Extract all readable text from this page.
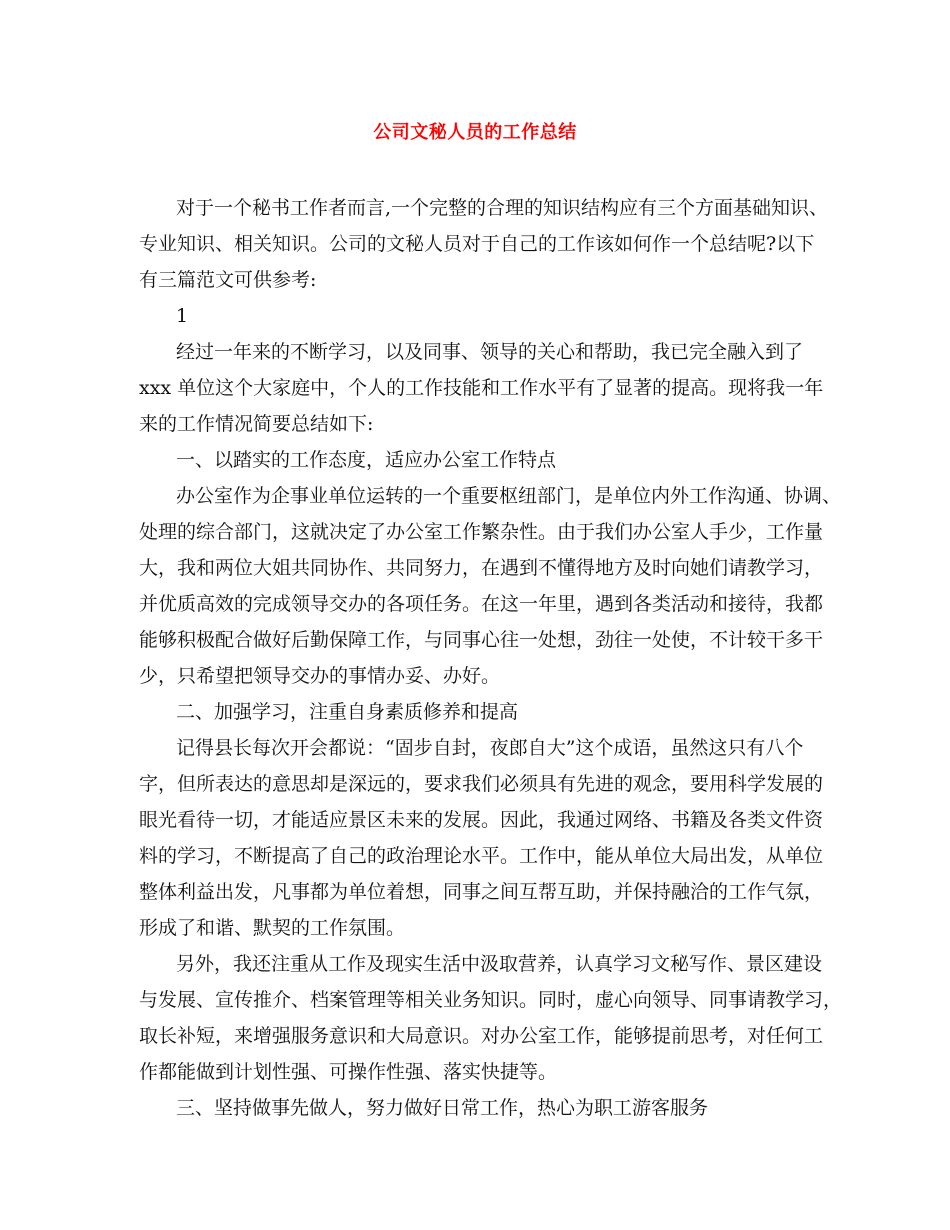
公司文秘人员的工作总结
对于一个秘书工作者而言,一个完整的合理的知识结构应有三个方面基础知识、
专业知识、相关知识。公司的文秘人员对于自己的工作该如何作一个总结呢?以下
有三篇范文可供参考:
1
经过一年来的不断学习，以及同事、领导的关心和帮助，我已完全融入到了
xxx 单位这个大家庭中，个人的工作技能和工作水平有了显著的提高。现将我一年
来的工作情况简要总结如下:
一、以踏实的工作态度，适应办公室工作特点
办公室作为企事业单位运转的一个重要枢纽部门，是单位内外工作沟通、协调、
处理的综合部门，这就决定了办公室工作繁杂性。由于我们办公室人手少，工作量
大，我和两位大姐共同协作、共同努力，在遇到不懂得地方及时向她们请教学习，
并优质高效的完成领导交办的各项任务。在这一年里，遇到各类活动和接待，我都
能够积极配合做好后勤保障工作，与同事心往一处想，劲往一处使，不计较干多干
少，只希望把领导交办的事情办妥、办好。
二、加强学习，注重自身素质修养和提高
记得县长每次开会都说：“固步自封，夜郎自大”这个成语，虽然这只有八个
字，但所表达的意思却是深远的，要求我们必须具有先进的观念，要用科学发展的
眼光看待一切，才能适应景区未来的发展。因此，我通过网络、书籍及各类文件资
料的学习，不断提高了自己的政治理论水平。工作中，能从单位大局出发，从单位
整体利益出发，凡事都为单位着想，同事之间互帮互助，并保持融洽的工作气氛，
形成了和谐、默契的工作氛围。
另外，我还注重从工作及现实生活中汲取营养，认真学习文秘写作、景区建设
与发展、宣传推介、档案管理等相关业务知识。同时，虚心向领导、同事请教学习，
取长补短，来增强服务意识和大局意识。对办公室工作，能够提前思考，对任何工
作都能做到计划性强、可操作性强、落实快捷等。
三、坚持做事先做人，努力做好日常工作，热心为职工游客服务
